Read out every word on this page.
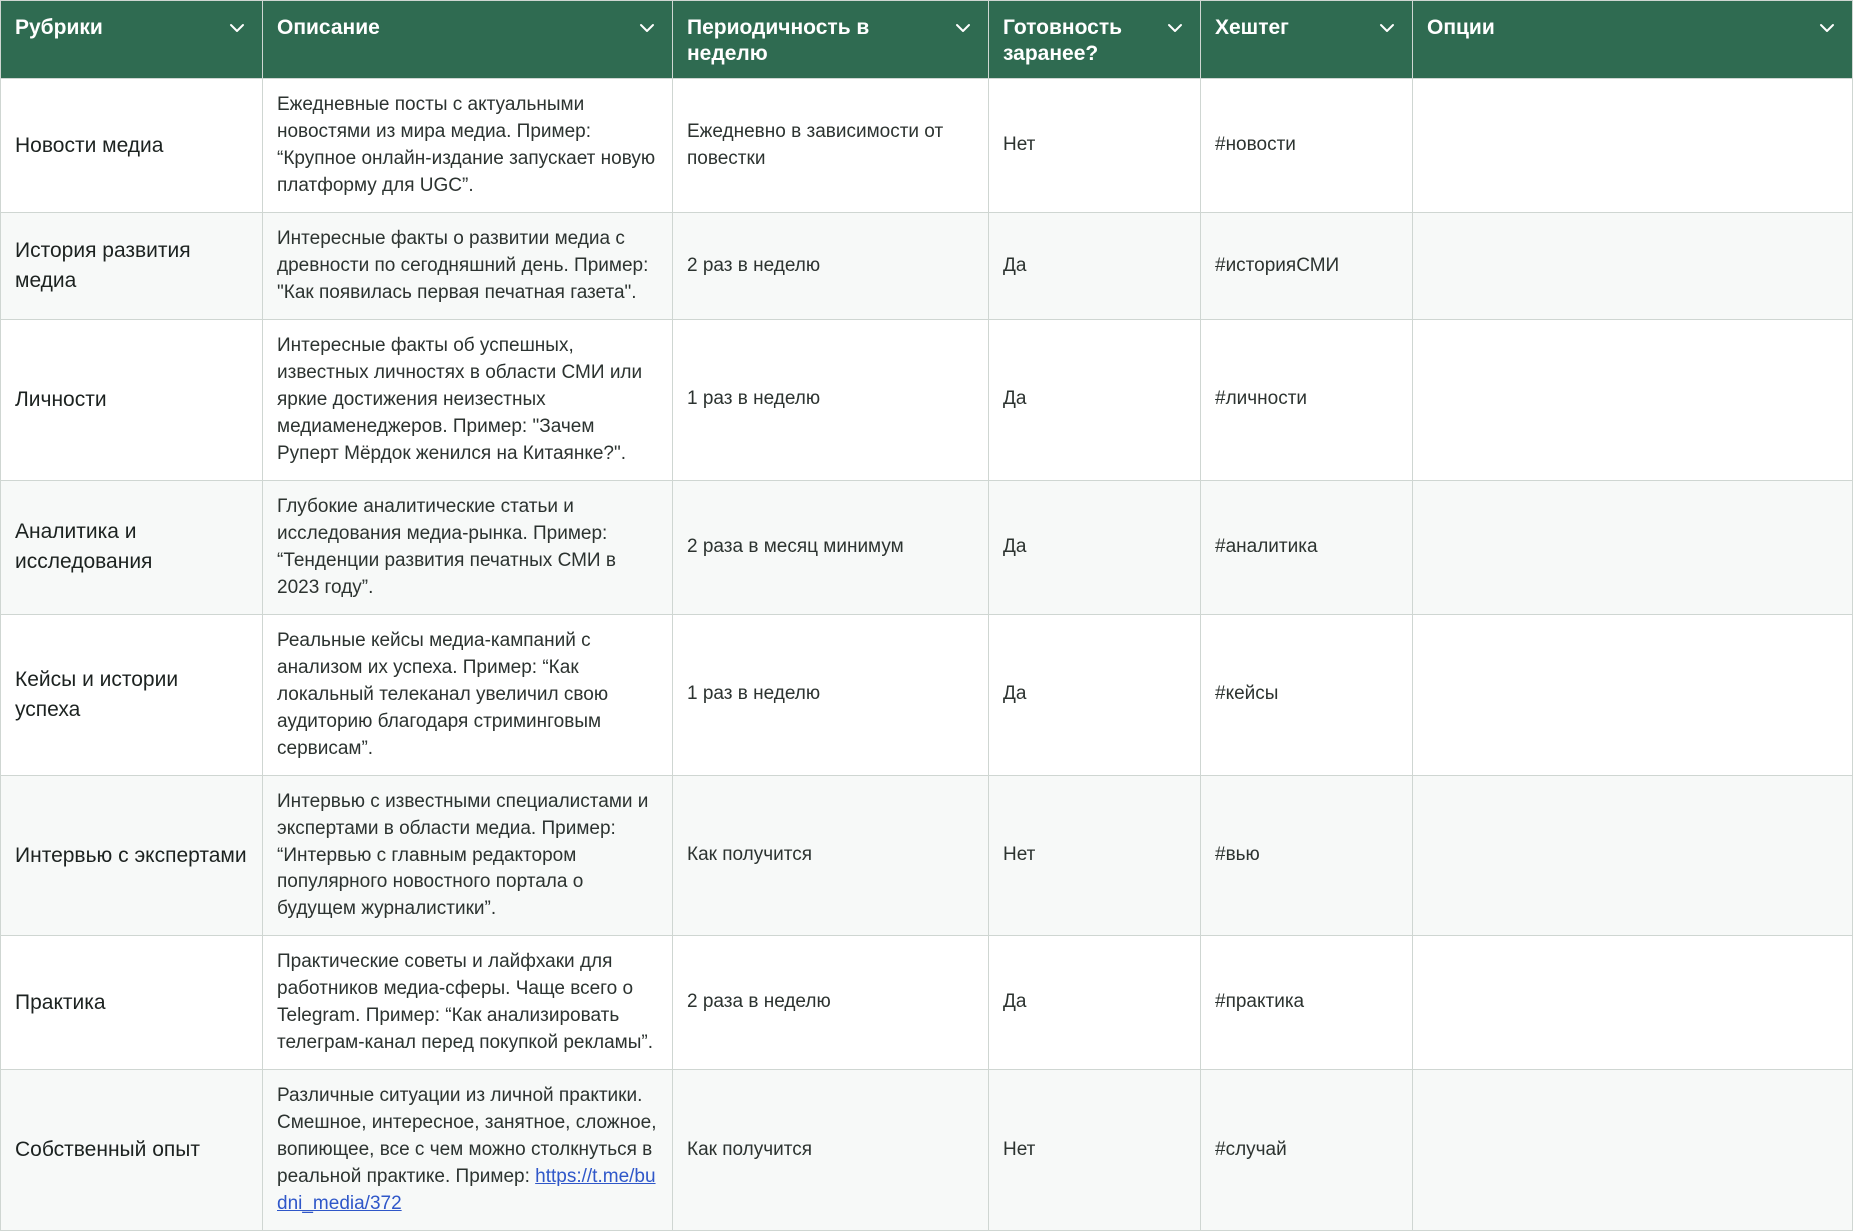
Рубрики	Описание	Периодичность в неделю	Готовность заранее?	Хештег	Опции

Новости медиа	Ежедневные посты с актуальными новостями из мира медиа. Пример: “Крупное онлайн-издание запускает новую платформу для UGC”.	Ежедневно в зависимости от повестки	Нет	#новости	
История развития медиа	Интересные факты о развитии медиа с древности по сегодняшний день. Пример: "Как появилась первая печатная газета".	2 раз в неделю	Да	#историяСМИ	
Личности	Интересные факты об успешных, известных личностях в области СМИ или яркие достижения неизестных медиаменеджеров. Пример: "Зачем Руперт Мёрдок женился на Китаянке?".	1 раз в неделю	Да	#личности	
Аналитика и исследования	Глубокие аналитические статьи и исследования медиа-рынка. Пример: “Тенденции развития печатных СМИ в 2023 году”.	2 раза в месяц минимум	Да	#аналитика	
Кейсы и истории успеха	Реальные кейсы медиа-кампаний с анализом их успеха. Пример: “Как локальный телеканал увеличил свою аудиторию благодаря стриминговым сервисам”.	1 раз в неделю	Да	#кейсы	
Интервью с экспертами	Интервью с известными специалистами и экспертами в области медиа. Пример: “Интервью с главным редактором популярного новостного портала о будущем журналистики”.	Как получится	Нет	#вью	
Практика	Практические советы и лайфхаки для работников медиа-сферы. Чаще всего о Telegram. Пример: “Как анализировать телеграм-канал перед покупкой рекламы”.	2 раза в неделю	Да	#практика	
Собственный опыт	Различные ситуации из личной практики. Смешное, интересное, занятное, сложное, вопиющее, все с чем можно столкнуться в реальной практике. Пример: https://t.me/budni_media/372	Как получится	Нет	#случай	
